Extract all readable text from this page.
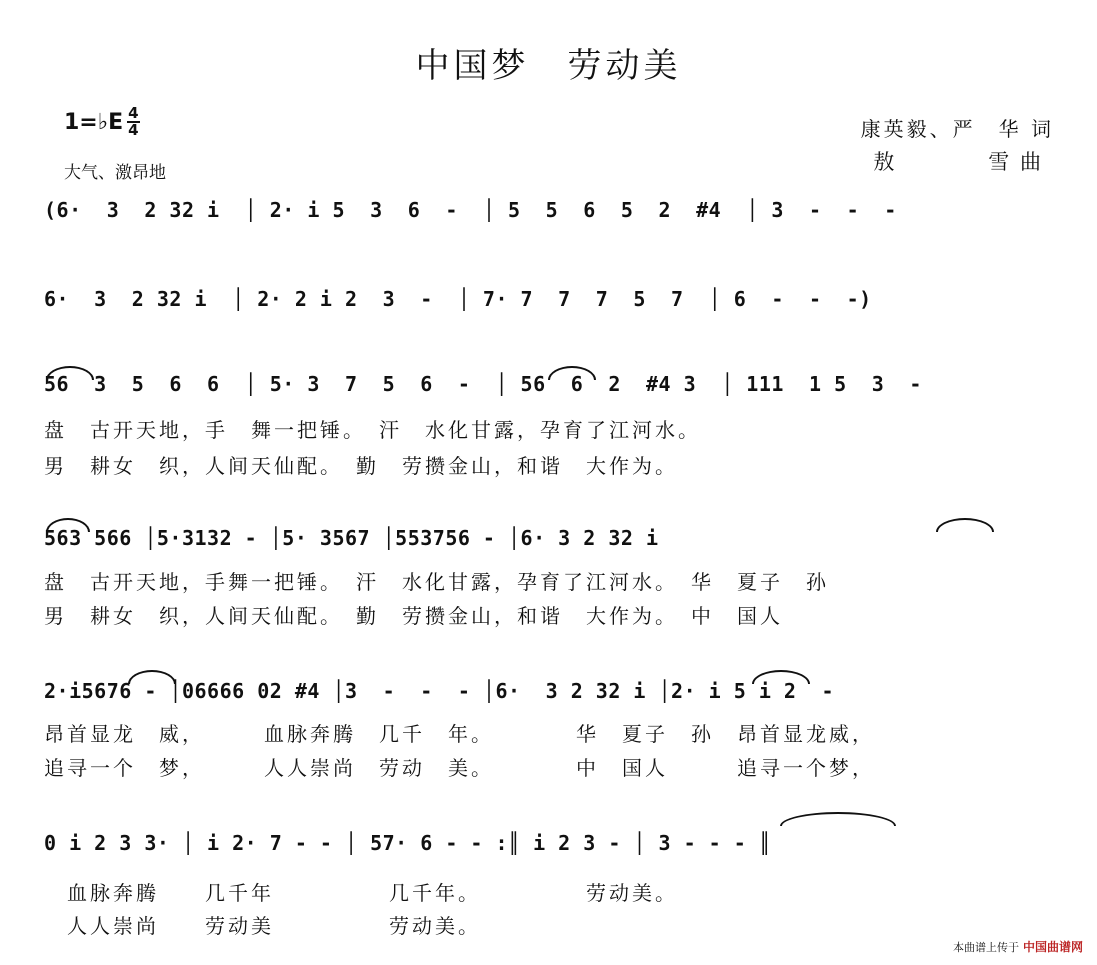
中国梦　劳动美
1=♭E 4
4
大气、激昂地
康英毅、严　华 词
敖　　　　雪 曲
(6·  3  2 32 i  │ 2· i 5  3  6  -  │ 5  5  6  5  2  #4  │ 3  -  -  -
6·  3  2 32 i  │ 2· 2 i 2  3  -  │ 7· 7  7  7  5  7  │ 6  -  -  -)
56  3  5  6  6  │ 5· 3  7  5  6  -  │ 56  6  2  #4 3  │ 111  1 5  3  -
盘　古开天地，手　舞一把锤。　汗　水化甘露，孕育了江河水。
男　耕女　织，人间天仙配。　勤　劳攒金山，和谐　大作为。
563 566 │5·3132 - │5· 3567 │553756 - │6· 3 2 32 i
盘　古开天地，手舞一把锤。　汗　水化甘露，孕育了江河水。　华　夏子　孙
男　耕女　织，人间天仙配。　勤　劳攒金山，和谐　大作为。　中　国人
2·i5676 - │06666 02 #4 │3  -  -  - │6·  3 2 32 i │2· i 5 i 2  -
昂首显龙　威，　　　血脉奔腾　几千　年。　　　　华　夏子　孙　昂首显龙威，
追寻一个　梦，　　　人人崇尚　劳动　美。　　　　中　国人　　　追寻一个梦，
0 i 2 3 3· │ i 2· 7 - - │ 57· 6 - - :║ i 2 3 - │ 3 - - - ║
　血脉奔腾　　几千年　　　　　几千年。　　　　　劳动美。
　人人崇尚　　劳动美　　　　　劳动美。
本曲谱上传于 中国曲谱网
